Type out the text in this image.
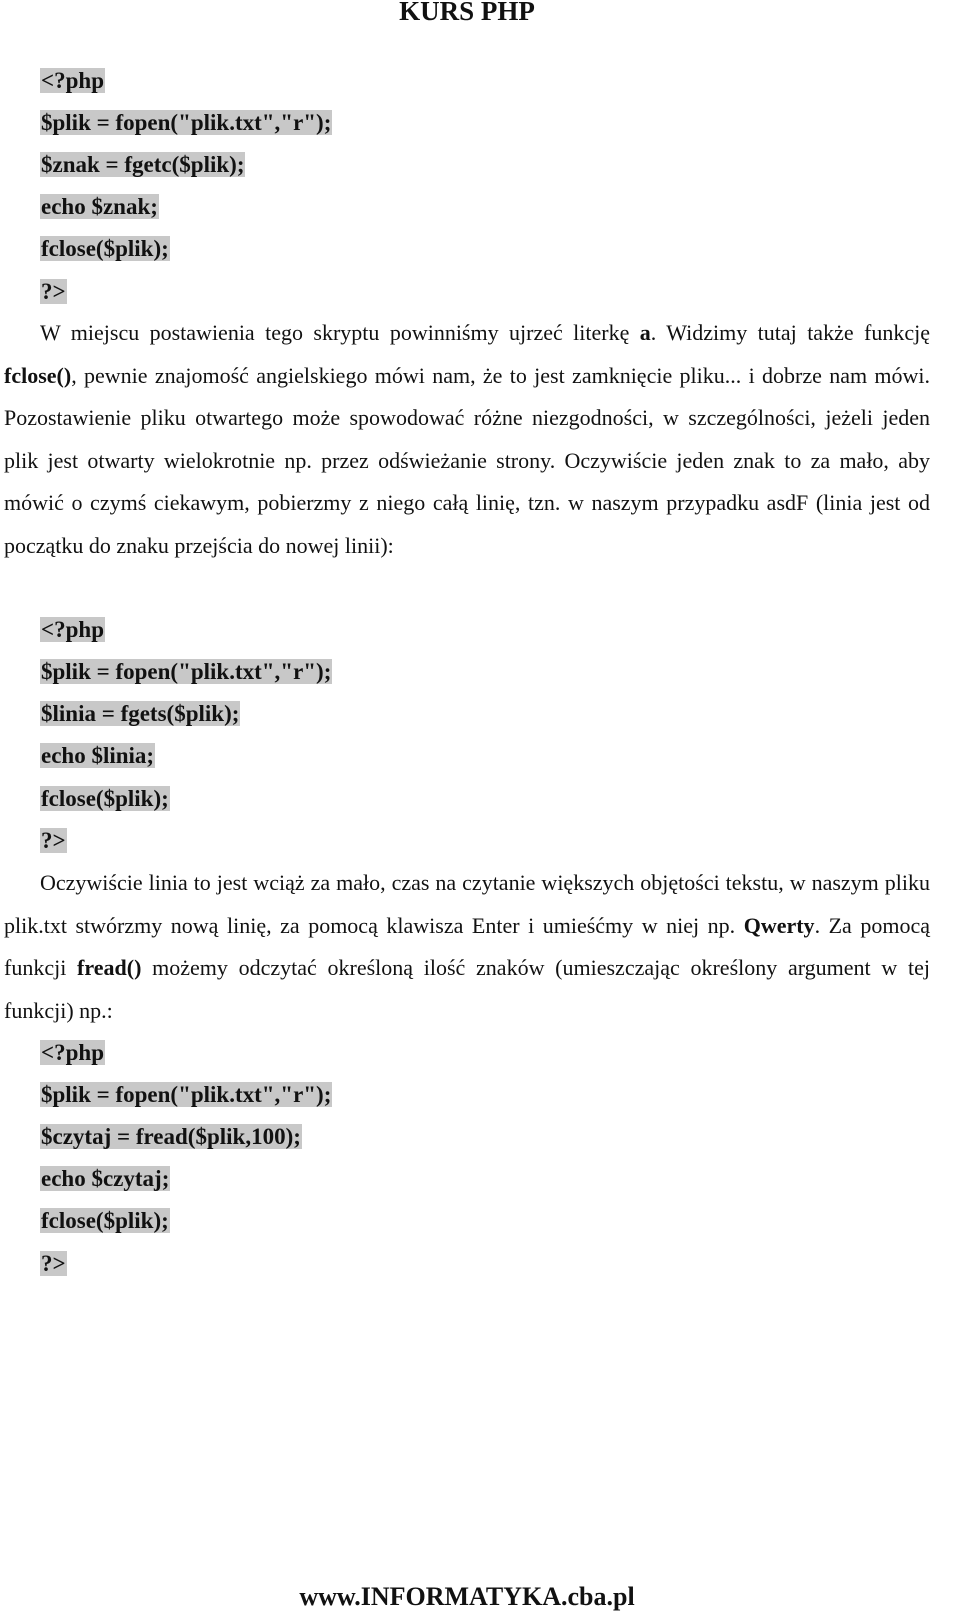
KURS PHP
<?php
$plik = fopen("plik.txt","r");
$znak = fgetc($plik);
echo $znak;
fclose($plik);
?>
W miejscu postawienia tego skryptu powinniśmy ujrzeć literkę a. Widzimy tutaj także funkcję fclose(), pewnie znajomość angielskiego mówi nam, że to jest zamknięcie pliku... i dobrze nam mówi. Pozostawienie pliku otwartego może spowodować różne niezgodności, w szczególności, jeżeli jeden plik jest otwarty wielokrotnie np. przez odświeżanie strony. Oczywiście jeden znak to za mało, aby mówić o czymś ciekawym, pobierzmy z niego całą linię, tzn. w naszym przypadku asdF (linia jest od początku do znaku przejścia do nowej linii):
<?php
$plik = fopen("plik.txt","r");
$linia = fgets($plik);
echo $linia;
fclose($plik);
?>
Oczywiście linia to jest wciąż za mało, czas na czytanie większych objętości tekstu, w naszym pliku plik.txt stwórzmy nową linię, za pomocą klawisza Enter i umieśćmy w niej np. Qwerty. Za pomocą funkcji fread() możemy odczytać określoną ilość znaków (umieszczając określony argument w tej funkcji) np.:
<?php
$plik = fopen("plik.txt","r");
$czytaj = fread($plik,100);
echo $czytaj;
fclose($plik);
?>
www.INFORMATYKA.cba.pl
